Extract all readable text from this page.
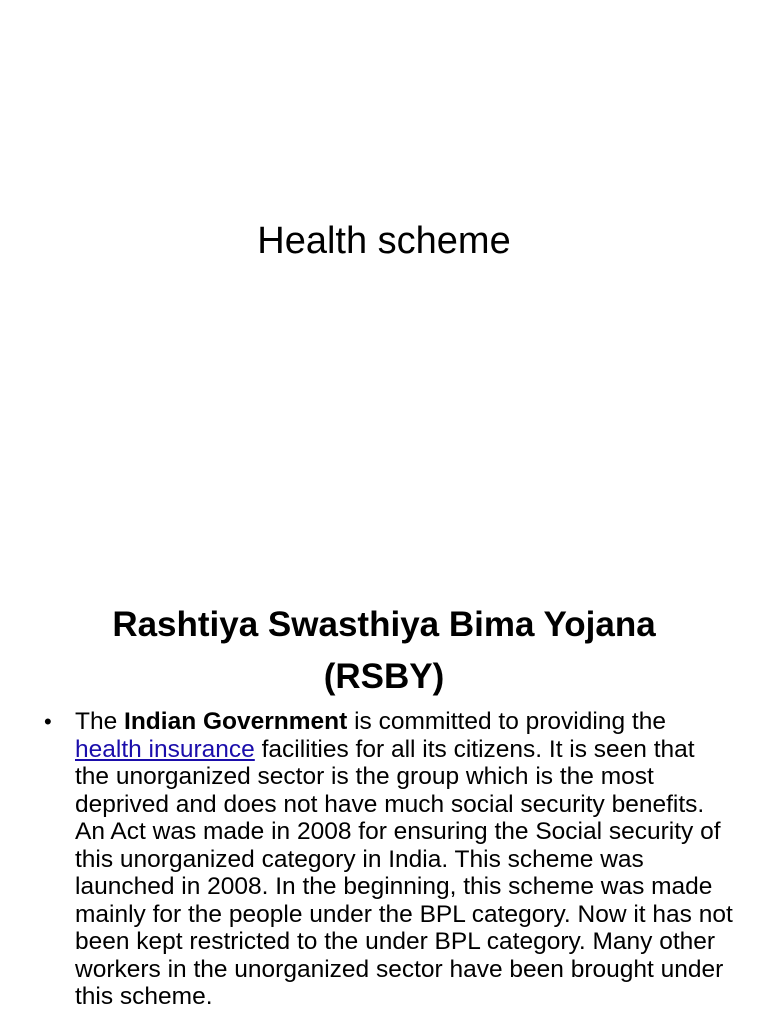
Health scheme
Rashtiya Swasthiya Bima Yojana
(RSBY)
• The Indian Government is committed to providing the health insurance facilities for all its citizens. It is seen that the unorganized sector is the group which is the most deprived and does not have much social security benefits. An Act was made in 2008 for ensuring the Social security of this unorganized category in India. This scheme was launched in 2008. In the beginning, this scheme was made mainly for the people under the BPL category. Now it has not been kept restricted to the under BPL category. Many other workers in the unorganized sector have been brought under this scheme.
